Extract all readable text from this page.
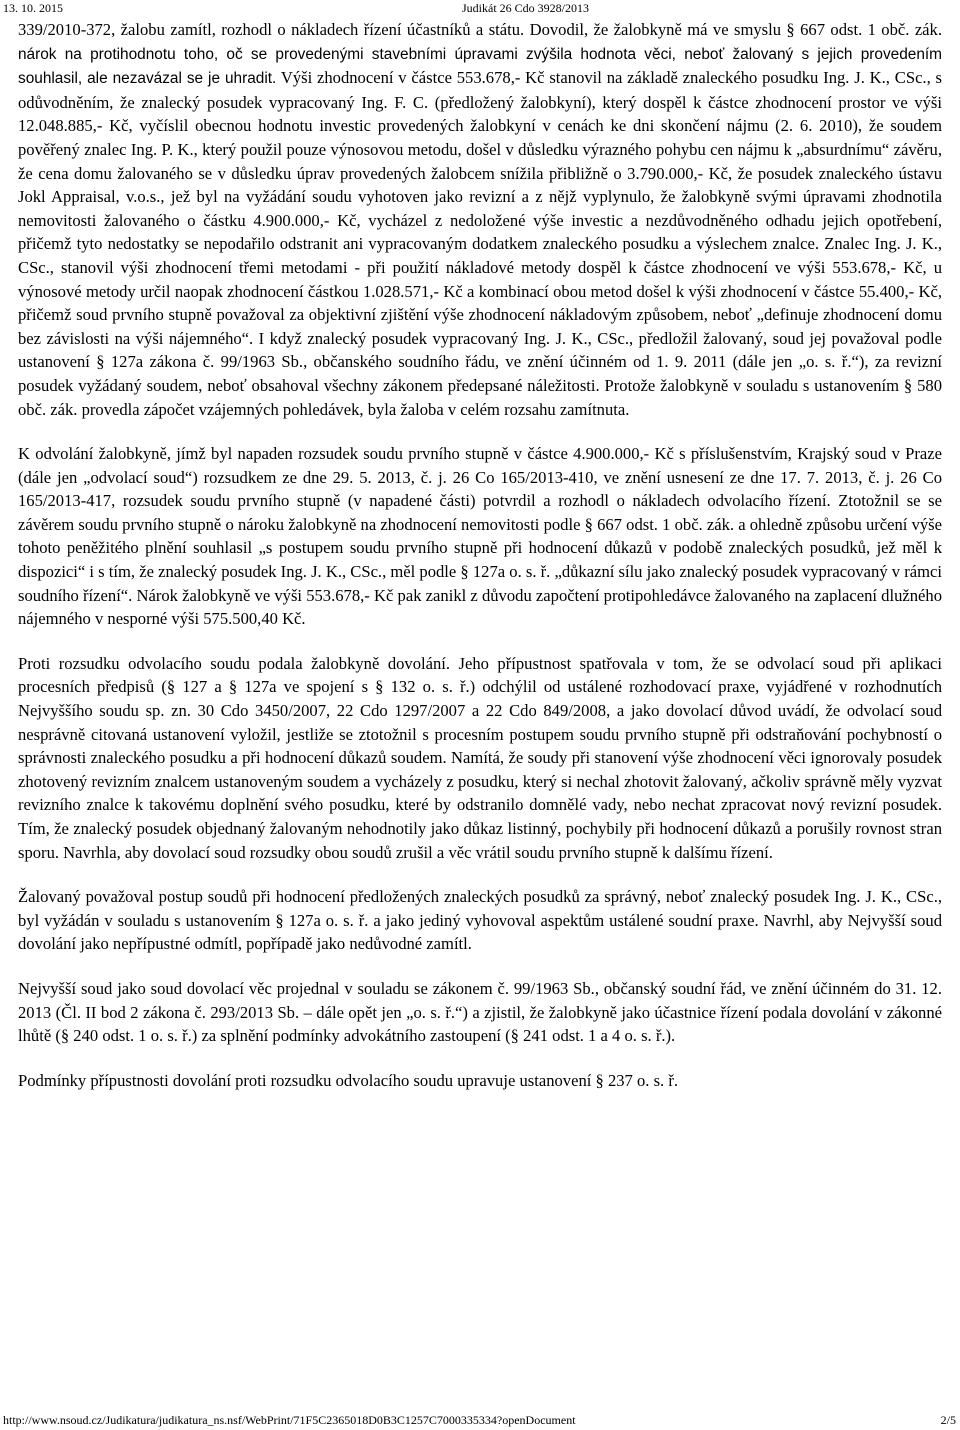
13. 10. 2015	Judikát 26 Cdo 3928/2013

339/2010-372, žalobu zamítl, rozhodl o nákladech řízení účastníků a státu. Dovodil, že žalobkyně má ve smyslu § 667 odst. 1 obč. zák. nárok na protihodnotu toho, oč se provedenými stavebními úpravami zvýšila hodnota věci, neboť žalovaný s jejich provedením souhlasil, ale nezavázal se je uhradit. Výši zhodnocení v částce 553.678,- Kč stanovil na základě znaleckého posudku Ing. J. K., CSc., s odůvodněním, že znalecký posudek vypracovaný Ing. F. C. (předložený žalobkyní), který dospěl k částce zhodnocení prostor ve výši 12.048.885,- Kč, vyčíslil obecnou hodnotu investic provedených žalobkyní v cenách ke dni skončení nájmu (2. 6. 2010), že soudem pověřený znalec Ing. P. K., který použil pouze výnosovou metodu, došel v důsledku výrazného pohybu cen nájmu k „absurdnímu“ závěru, že cena domu žalovaného se v důsledku úprav provedených žalobcem snížila přibližně o 3.790.000,- Kč, že posudek znaleckého ústavu Jokl Appraisal, v.o.s., jež byl na vyžádání soudu vyhotoven jako revizní a z nějž vyplynulo, že žalobkyně svými úpravami zhodnotila nemovitosti žalovaného o částku 4.900.000,- Kč, vycházel z nedoložené výše investic a nezdůvodněného odhadu jejich opotřebení, přičemž tyto nedostatky se nepodařilo odstranit ani vypracovaným dodatkem znaleckého posudku a výslechem znalce. Znalec Ing. J. K., CSc., stanovil výši zhodnocení třemi metodami - při použití nákladové metody dospěl k částce zhodnocení ve výši 553.678,- Kč, u výnosové metody určil naopak zhodnocení částkou 1.028.571,- Kč a kombinací obou metod došel k výši zhodnocení v částce 55.400,- Kč, přičemž soud prvního stupně považoval za objektivní zjištění výše zhodnocení nákladovým způsobem, neboť „definuje zhodnocení domu bez závislosti na výši nájemného“. I když znalecký posudek vypracovaný Ing. J. K., CSc., předložil žalovaný, soud jej považoval podle ustanovení § 127a zákona č. 99/1963 Sb., občanského soudního řádu, ve znění účinném od 1. 9. 2011 (dále jen „o. s. ř.“), za revizní posudek vyžádaný soudem, neboť obsahoval všechny zákonem předepsané náležitosti. Protože žalobkyně v souladu s ustanovením § 580 obč. zák. provedla zápočet vzájemných pohledávek, byla žaloba v celém rozsahu zamítnuta.

K odvolání žalobkyně, jímž byl napaden rozsudek soudu prvního stupně v částce 4.900.000,- Kč s příslušenstvím, Krajský soud v Praze (dále jen „odvolací soud“) rozsudkem ze dne 29. 5. 2013, č. j. 26 Co 165/2013-410, ve znění usnesení ze dne 17. 7. 2013, č. j. 26 Co 165/2013-417, rozsudek soudu prvního stupně (v napadené části) potvrdil a rozhodl o nákladech odvolacího řízení. Ztotožnil se se závěrem soudu prvního stupně o nároku žalobkyně na zhodnocení nemovitosti podle § 667 odst. 1 obč. zák. a ohledně způsobu určení výše tohoto peněžitého plnění souhlasil „s postupem soudu prvního stupně při hodnocení důkazů v podobě znaleckých posudků, jež měl k dispozici“ i s tím, že znalecký posudek Ing. J. K., CSc., měl podle § 127a o. s. ř. „důkazní sílu jako znalecký posudek vypracovaný v rámci soudního řízení“. Nárok žalobkyně ve výši 553.678,- Kč pak zanikl z důvodu započtení protipohledávce žalovaného na zaplacení dlužného nájemného v nesporné výši 575.500,40 Kč.

Proti rozsudku odvolacího soudu podala žalobkyně dovolání. Jeho přípustnost spatřovala v tom, že se odvolací soud při aplikaci procesních předpisů (§ 127 a § 127a ve spojení s § 132 o. s. ř.) odchýlil od ustálené rozhodovací praxe, vyjádřené v rozhodnutích Nejvyššího soudu sp. zn. 30 Cdo 3450/2007, 22 Cdo 1297/2007 a 22 Cdo 849/2008, a jako dovolací důvod uvádí, že odvolací soud nesprávně citovaná ustanovení vyložil, jestliže se ztotožnil s procesním postupem soudu prvního stupně při odstraňování pochybností o správnosti znaleckého posudku a při hodnocení důkazů soudem. Namítá, že soudy při stanovení výše zhodnocení věci ignorovaly posudek zhotovený revizním znalcem ustanoveným soudem a vycházely z posudku, který si nechal zhotovit žalovaný, ačkoliv správně měly vyzvat revizního znalce k takovému doplnění svého posudku, které by odstranilo domnělé vady, nebo nechat zpracovat nový revizní posudek. Tím, že znalecký posudek objednaný žalovaným nehodnotily jako důkaz listinný, pochybily při hodnocení důkazů a porušily rovnost stran sporu. Navrhla, aby dovolací soud rozsudky obou soudů zrušil a věc vrátil soudu prvního stupně k dalšímu řízení.

Žalovaný považoval postup soudů při hodnocení předložených znaleckých posudků za správný, neboť znalecký posudek Ing. J. K., CSc., byl vyžádán v souladu s ustanovením § 127a o. s. ř. a jako jediný vyhovoval aspektům ustálené soudní praxe. Navrhl, aby Nejvyšší soud dovolání jako nepřípustné odmítl, popřípadě jako nedůvodné zamítl.

Nejvyšší soud jako soud dovolací věc projednal v souladu se zákonem č. 99/1963 Sb., občanský soudní řád, ve znění účinném do 31. 12. 2013 (Čl. II bod 2 zákona č. 293/2013 Sb. – dále opět jen „o. s. ř.“) a zjistil, že žalobkyně jako účastnice řízení podala dovolání v zákonné lhůtě (§ 240 odst. 1 o. s. ř.) za splnění podmínky advokátního zastoupení (§ 241 odst. 1 a 4 o. s. ř.).

Podmínky přípustnosti dovolání proti rozsudku odvolacího soudu upravuje ustanovení § 237 o. s. ř.

http://www.nsoud.cz/Judikatura/judikatura_ns.nsf/WebPrint/71F5C2365018D0B3C1257C7000335334?openDocument	2/5
